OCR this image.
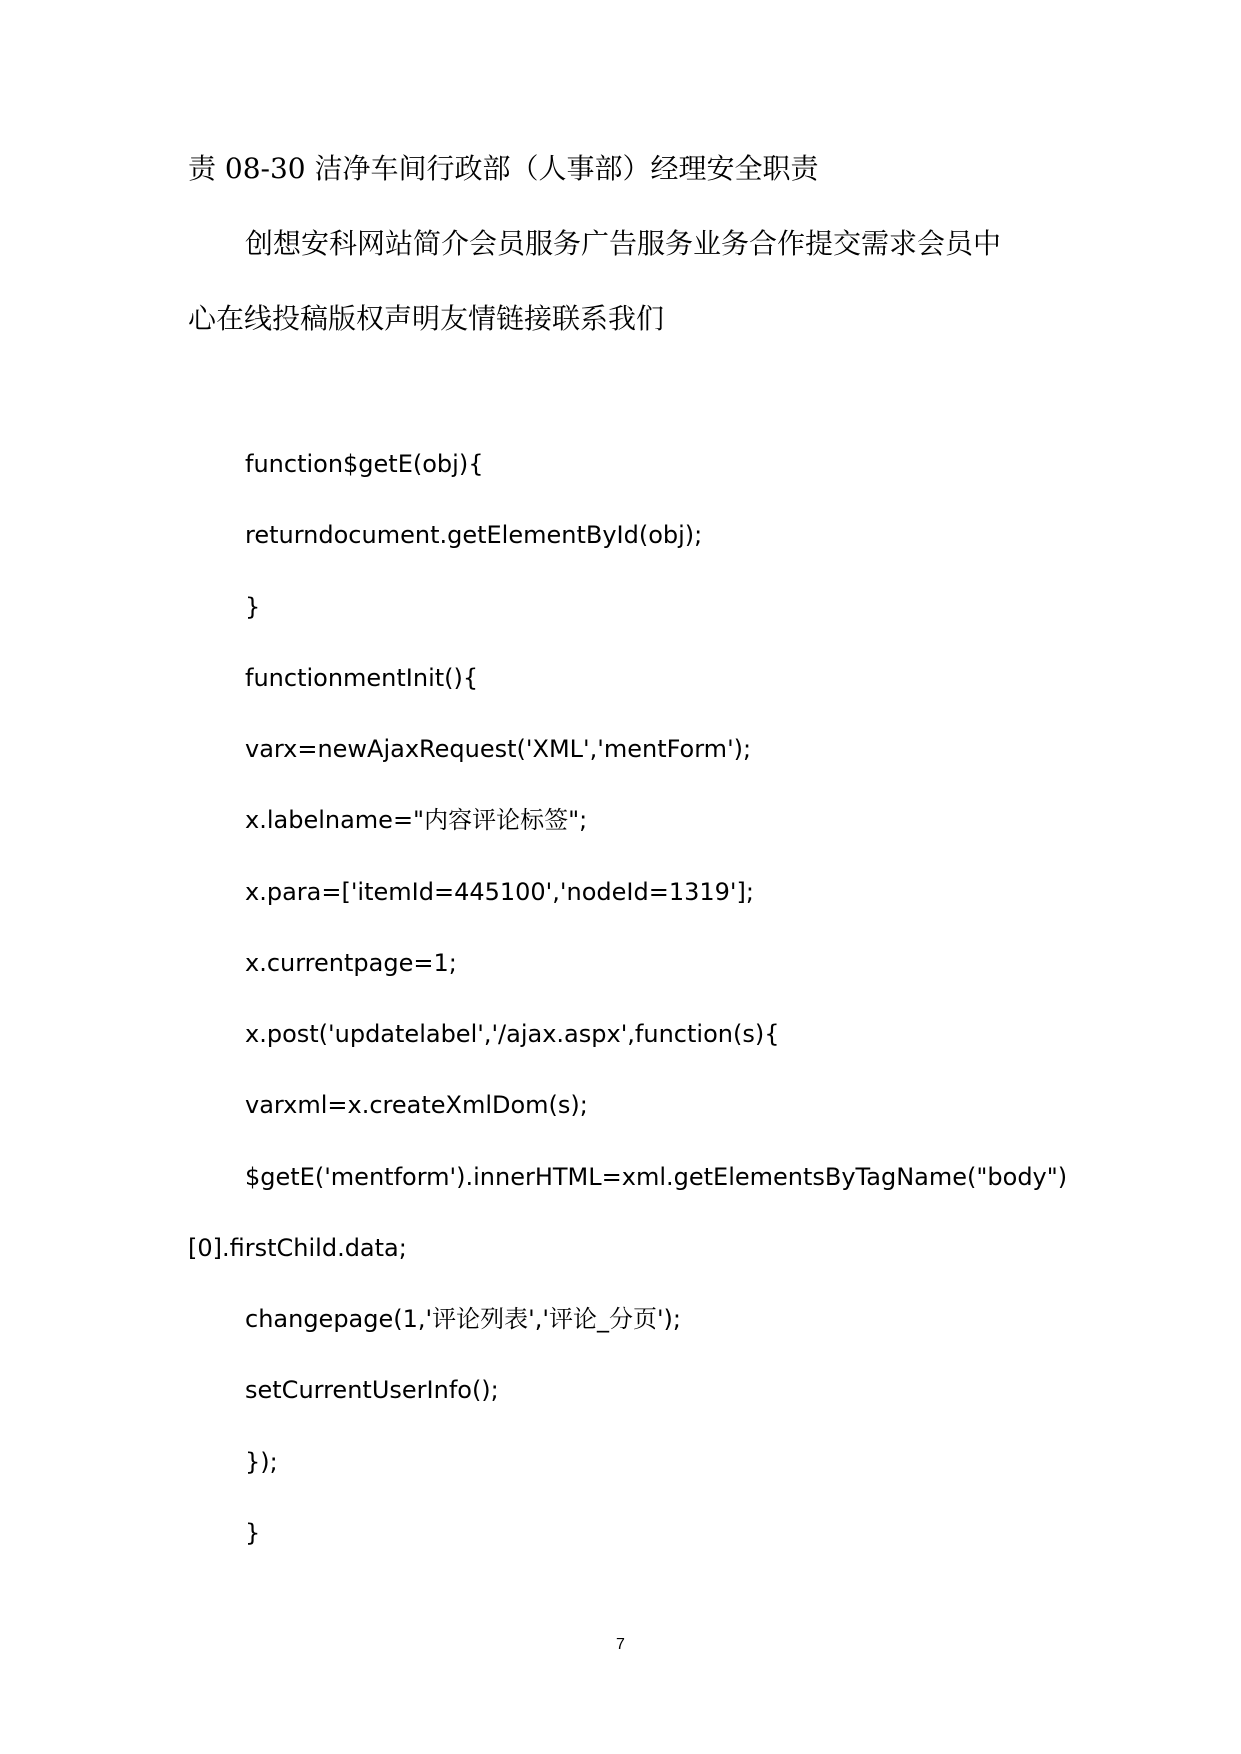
责 08-30 洁净车间行政部（人事部）经理安全职责
创想安科网站简介会员服务广告服务业务合作提交需求会员中
心在线投稿版权声明友情链接联系我们
function$getE(obj){
returndocument.getElementById(obj);
}
functionmentInit(){
varx=newAjaxRequest('XML','mentForm');
x.labelname="内容评论标签";
x.para=['itemId=445100','nodeId=1319'];
x.currentpage=1;
x.post('updatelabel','/ajax.aspx',function(s){
varxml=x.createXmlDom(s);
$getE('mentform').innerHTML=xml.getElementsByTagName("body")
[0].firstChild.data;
changepage(1,'评论列表','评论_分页');
setCurrentUserInfo();
});
}
7
